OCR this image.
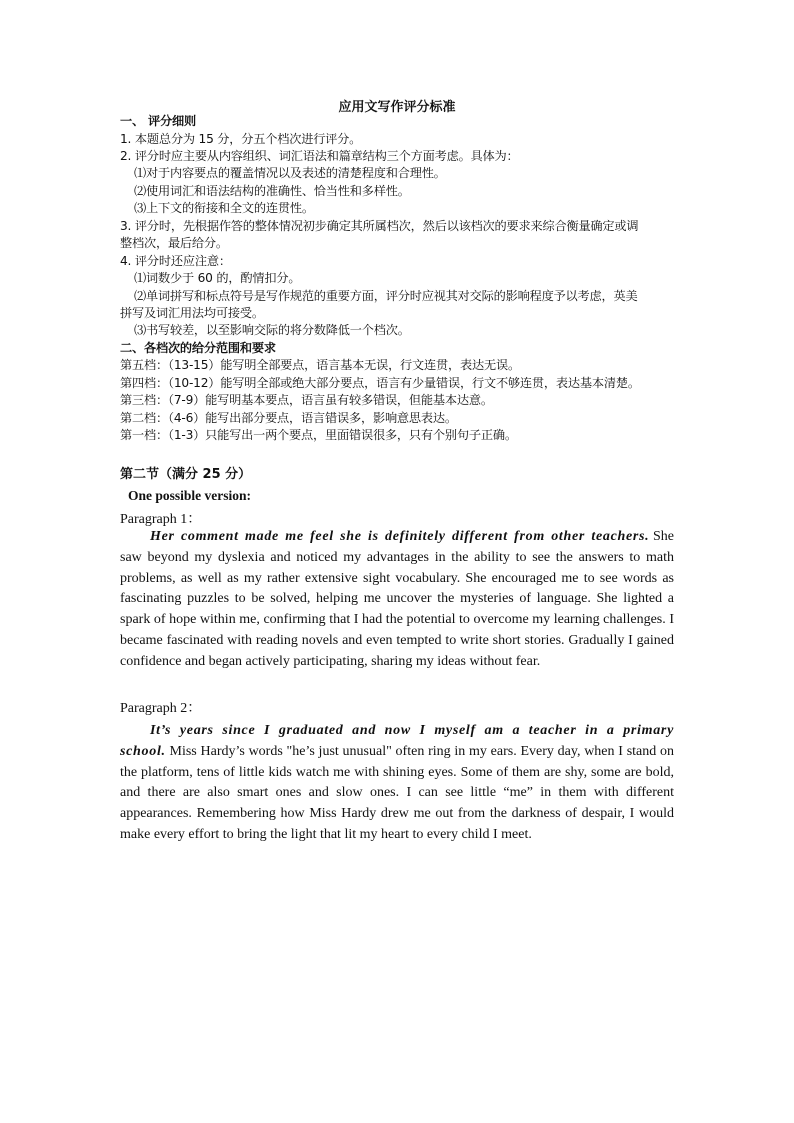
应用文写作评分标准
一、 评分细则
1. 本题总分为 15 分，分五个档次进行评分。
2. 评分时应主要从内容组织、词汇语法和篇章结构三个方面考虑。具体为：
⑴对于内容要点的覆盖情况以及表述的清楚程度和合理性。
⑵使用词汇和语法结构的准确性、恰当性和多样性。
⑶上下文的衔接和全文的连贯性。
3. 评分时，先根据作答的整体情况初步确定其所属档次，然后以该档次的要求来综合衡量确定或调
整档次，最后给分。
4. 评分时还应注意：
⑴词数少于 60 的，酌情扣分。
⑵单词拼写和标点符号是写作规范的重要方面，评分时应视其对交际的影响程度予以考虑，英美
拼写及词汇用法均可接受。
⑶书写较差，以至影响交际的将分数降低一个档次。
二、各档次的给分范围和要求
第五档：（13-15）能写明全部要点，语言基本无误，行文连贯，表达无误。
第四档：（10-12）能写明全部或绝大部分要点，语言有少量错误，行文不够连贯，表达基本清楚。
第三档：（7-9）能写明基本要点，语言虽有较多错误，但能基本达意。
第二档：（4-6）能写出部分要点，语言错误多，影响意思表达。
第一档：（1-3）只能写出一两个要点，里面错误很多，只有个别句子正确。
第二节（满分 25 分）
One possible version:
Paragraph 1：

Her comment made me feel she is definitely different from other teachers. She saw beyond my dyslexia and noticed my advantages in the ability to see the answers to math problems, as well as my rather extensive sight vocabulary. She encouraged me to see words as fascinating puzzles to be solved, helping me uncover the mysteries of language. She lighted a spark of hope within me, confirming that I had the potential to overcome my learning challenges. I became fascinated with reading novels and even tempted to write short stories. Gradually I gained confidence and began actively participating, sharing my ideas without fear.

Paragraph 2：

It’s years since I graduated and now I myself am a teacher in a primary school. Miss Hardy’s words "he’s just unusual" often ring in my ears. Every day, when I stand on the platform, tens of little kids watch me with shining eyes. Some of them are shy, some are bold, and there are also smart ones and slow ones. I can see little “me” in them with different appearances. Remembering how Miss Hardy drew me out from the darkness of despair, I would make every effort to bring the light that lit my heart to every child I meet.
